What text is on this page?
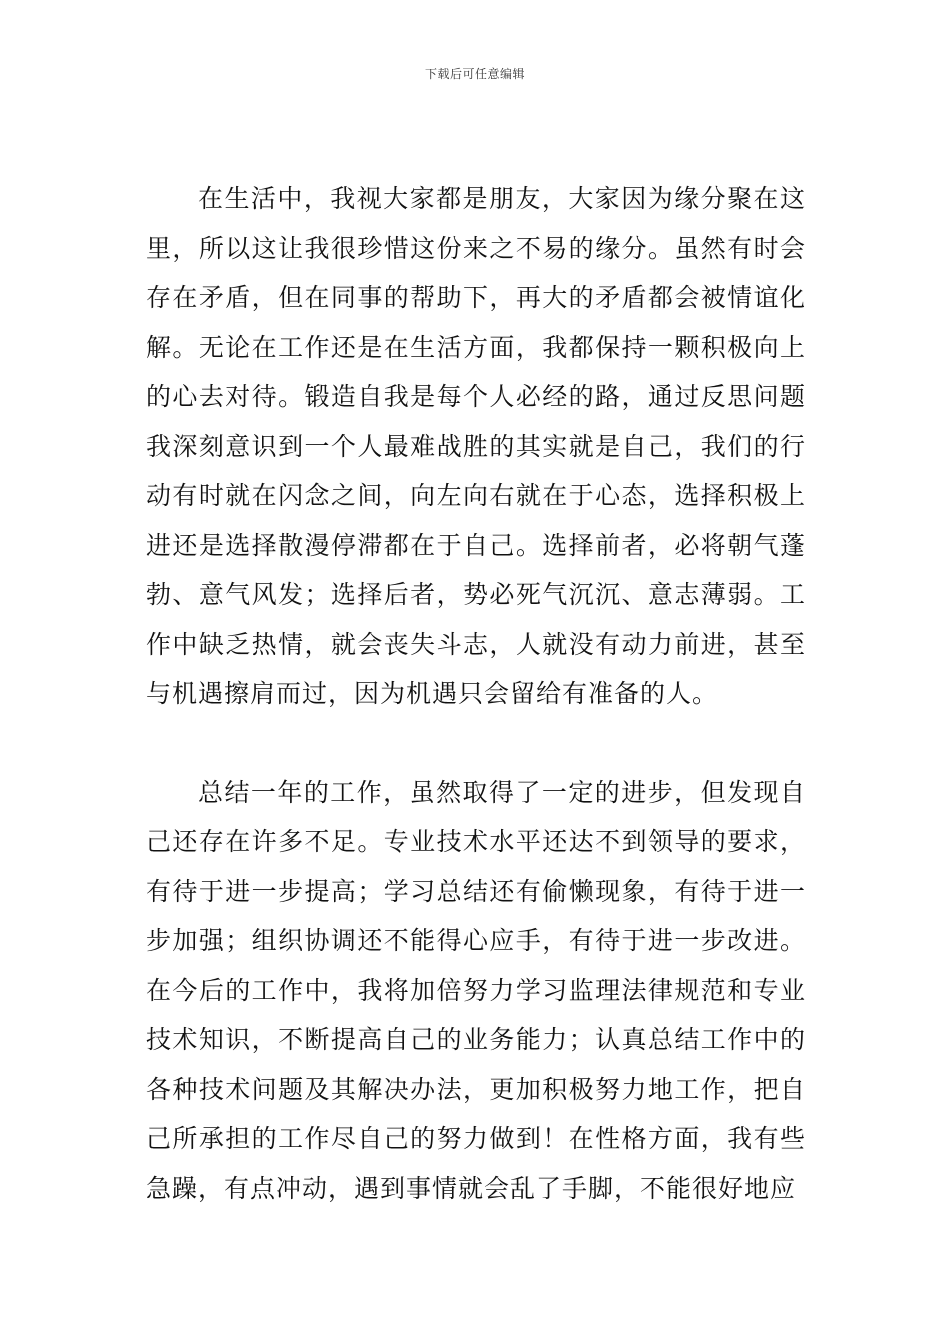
下载后可任意编辑

在生活中，我视大家都是朋友，大家因为缘分聚在这里，所以这让我很珍惜这份来之不易的缘分。虽然有时会存在矛盾，但在同事的帮助下，再大的矛盾都会被情谊化解。无论在工作还是在生活方面，我都保持一颗积极向上的心去对待。锻造自我是每个人必经的路，通过反思问题我深刻意识到一个人最难战胜的其实就是自己，我们的行动有时就在闪念之间，向左向右就在于心态，选择积极上进还是选择散漫停滞都在于自己。选择前者，必将朝气蓬勃、意气风发；选择后者，势必死气沉沉、意志薄弱。工作中缺乏热情，就会丧失斗志，人就没有动力前进，甚至与机遇擦肩而过，因为机遇只会留给有准备的人。

总结一年的工作，虽然取得了一定的进步，但发现自己还存在许多不足。专业技术水平还达不到领导的要求，有待于进一步提高；学习总结还有偷懒现象，有待于进一步加强；组织协调还不能得心应手，有待于进一步改进。在今后的工作中，我将加倍努力学习监理法律规范和专业技术知识，不断提高自己的业务能力；认真总结工作中的各种技术问题及其解决办法，更加积极努力地工作，把自己所承担的工作尽自己的努力做到！在性格方面，我有些急躁，有点冲动，遇到事情就会乱了手脚，不能很好地应
